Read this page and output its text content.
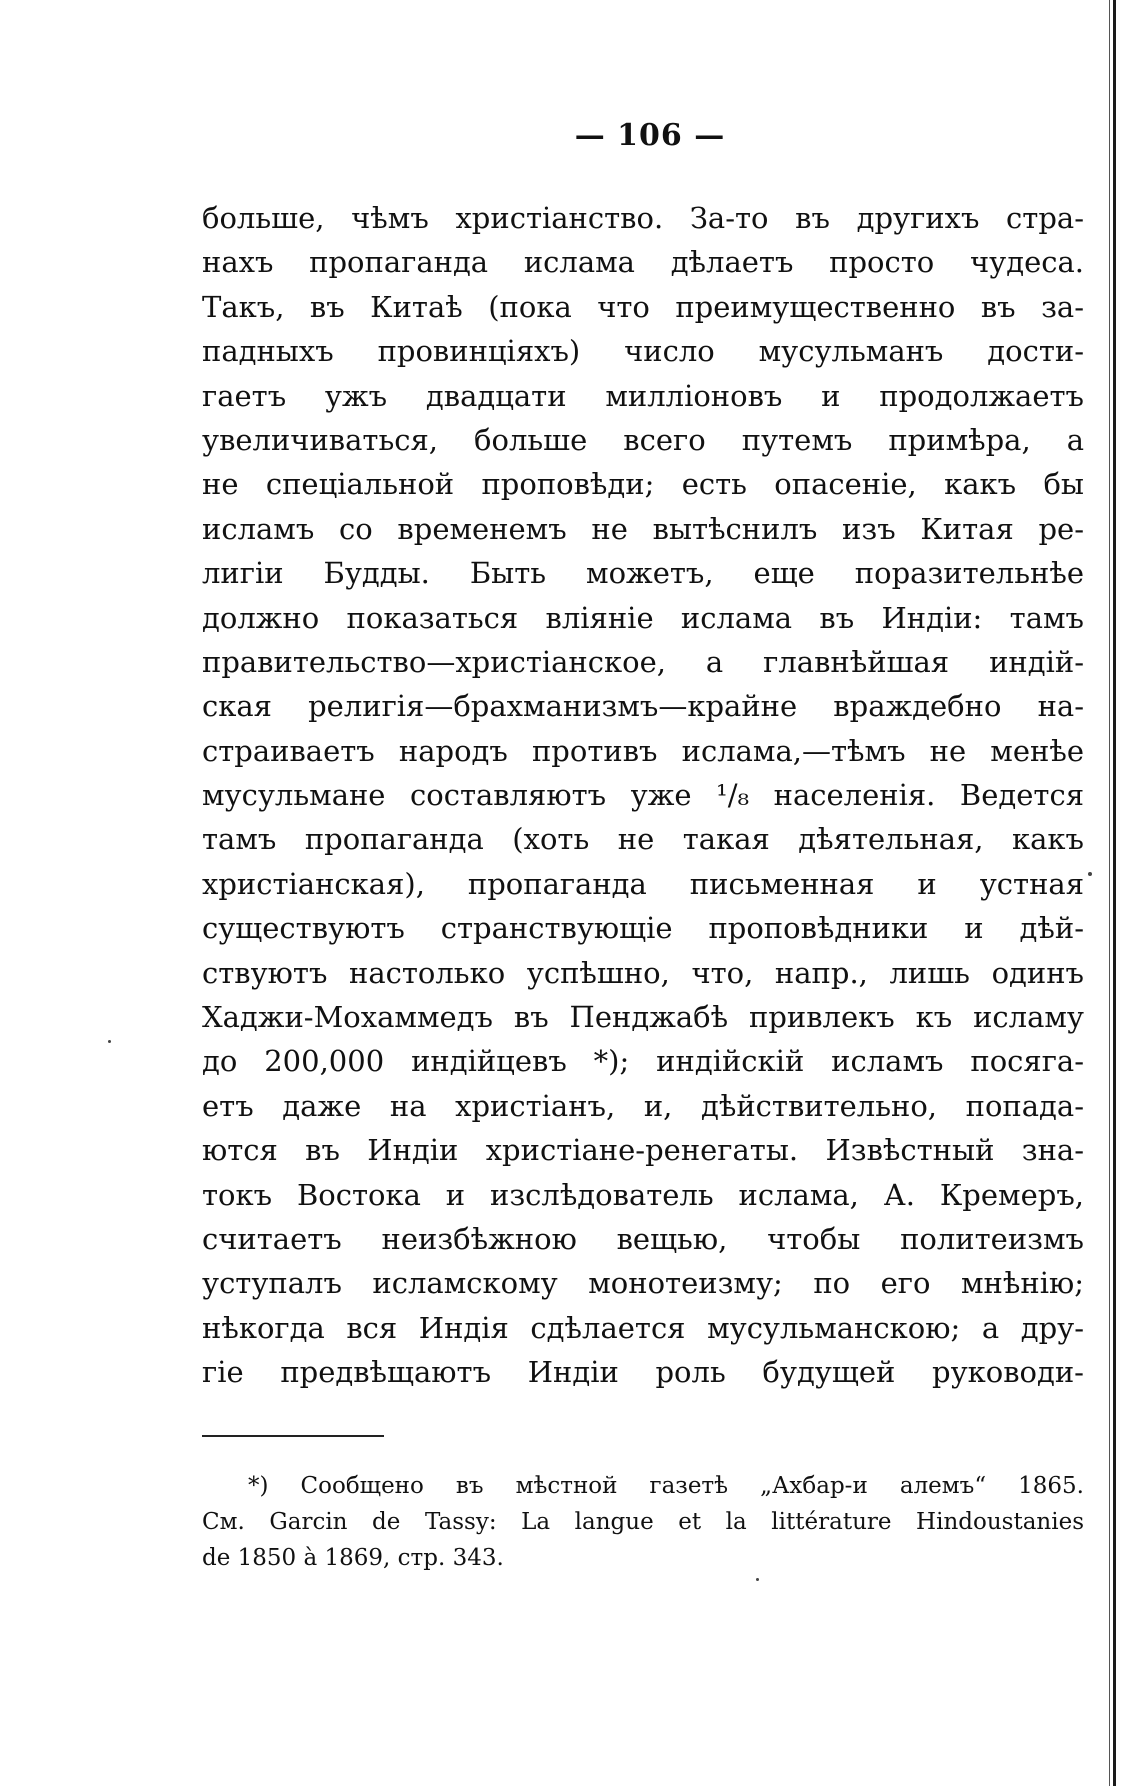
— 106 —
больше, чѣмъ христіанство. За-то въ другихъ стра-
нахъ пропаганда ислама дѣлаетъ просто чудеса.
Такъ, въ Китаѣ (пока что преимущественно въ за-
падныхъ провинціяхъ) число мусульманъ дости-
гаетъ ужъ двадцати милліоновъ и продолжаетъ
увеличиваться, больше всего путемъ примѣра, а
не спеціальной проповѣди; есть опасеніе, какъ бы
исламъ со временемъ не вытѣснилъ изъ Китая ре-
лигіи Будды. Быть можетъ, еще поразительнѣе
должно показаться вліяніе ислама въ Индіи: тамъ
правительство—христіанское, а главнѣйшая индій-
ская религія—брахманизмъ—крайне враждебно на-
страиваетъ народъ противъ ислама,—тѣмъ не менѣе
мусульмане составляютъ уже ¹/₈ населенія. Ведется
тамъ пропаганда (хоть не такая дѣятельная, какъ
христіанская), пропаганда письменная и устная
существуютъ странствующіе проповѣдники и дѣй-
ствуютъ настолько успѣшно, что, напр., лишь одинъ
Хаджи-Мохаммедъ въ Пенджабѣ привлекъ къ исламу
до 200,000 индійцевъ *); индійскій исламъ посяга-
етъ даже на христіанъ, и, дѣйствительно, попада-
ются въ Индіи христіане-ренегаты. Извѣстный зна-
токъ Востока и изслѣдователь ислама, А. Кремеръ,
считаетъ неизбѣжною вещью, чтобы политеизмъ
уступалъ исламскому монотеизму; по его мнѣнію;
нѣкогда вся Индія сдѣлается мусульманскою; а дру-
гіе предвѣщаютъ Индіи роль будущей руководи-
*) Сообщено въ мѣстной газетѣ „Ахбар-и алемъ“ 1865.
См. Garcin de Tassy: La langue et la littérature Hindoustanies
de 1850 à 1869, стр. 343.
